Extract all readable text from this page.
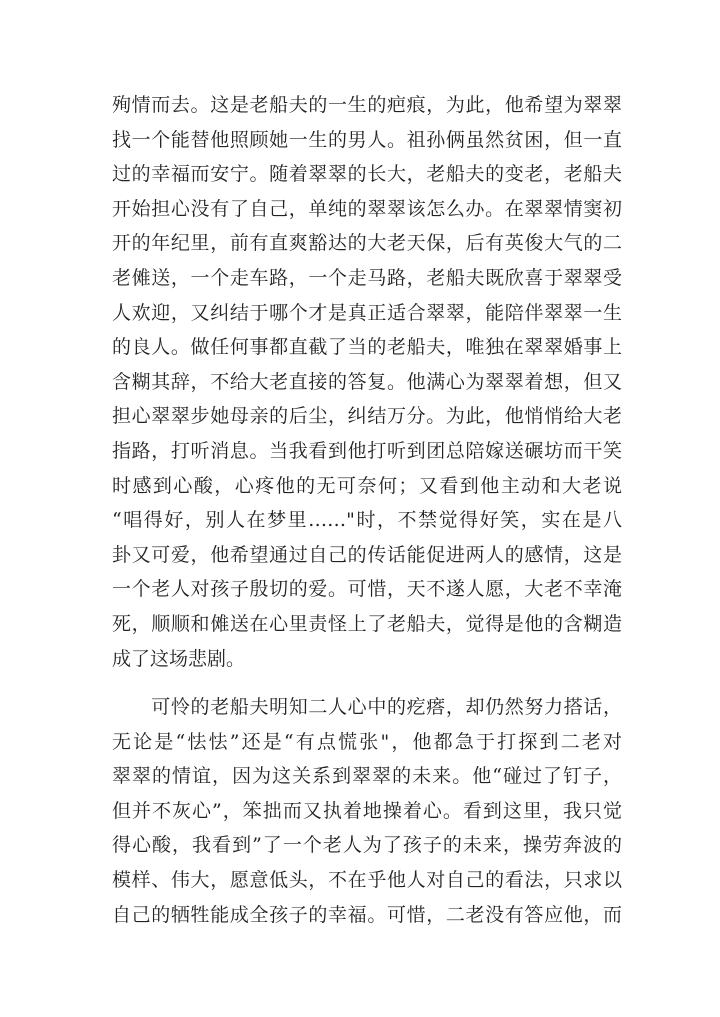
殉情而去。这是老船夫的一生的疤痕，为此，他希望为翠翠
找一个能替他照顾她一生的男人。祖孙俩虽然贫困，但一直
过的幸福而安宁。随着翠翠的长大，老船夫的变老，老船夫
开始担心没有了自己，单纯的翠翠该怎么办。在翠翠情窦初
开的年纪里，前有直爽豁达的大老天保，后有英俊大气的二
老傩送，一个走车路，一个走马路，老船夫既欣喜于翠翠受
人欢迎，又纠结于哪个才是真正适合翠翠，能陪伴翠翠一生
的良人。做任何事都直截了当的老船夫，唯独在翠翠婚事上
含糊其辞，不给大老直接的答复。他满心为翠翠着想，但又
担心翠翠步她母亲的后尘，纠结万分。为此，他悄悄给大老
指路，打听消息。当我看到他打听到团总陪嫁送碾坊而干笑
时感到心酸，心疼他的无可奈何；又看到他主动和大老说
“唱得好，别人在梦里……"时，不禁觉得好笑，实在是八
卦又可爱，他希望通过自己的传话能促进两人的感情，这是
一个老人对孩子殷切的爱。可惜，天不遂人愿，大老不幸淹
死，顺顺和傩送在心里责怪上了老船夫，觉得是他的含糊造
成了这场悲剧。
　　可怜的老船夫明知二人心中的疙瘩，却仍然努力搭话，
无论是“怯怯”还是“有点慌张"，他都急于打探到二老对
翠翠的情谊，因为这关系到翠翠的未来。他“碰过了钉子，
但并不灰心”，笨拙而又执着地操着心。看到这里，我只觉
得心酸，我看到”了一个老人为了孩子的未来，操劳奔波的
模样、伟大，愿意低头，不在乎他人对自己的看法，只求以
自己的牺牲能成全孩子的幸福。可惜，二老没有答应他，而
